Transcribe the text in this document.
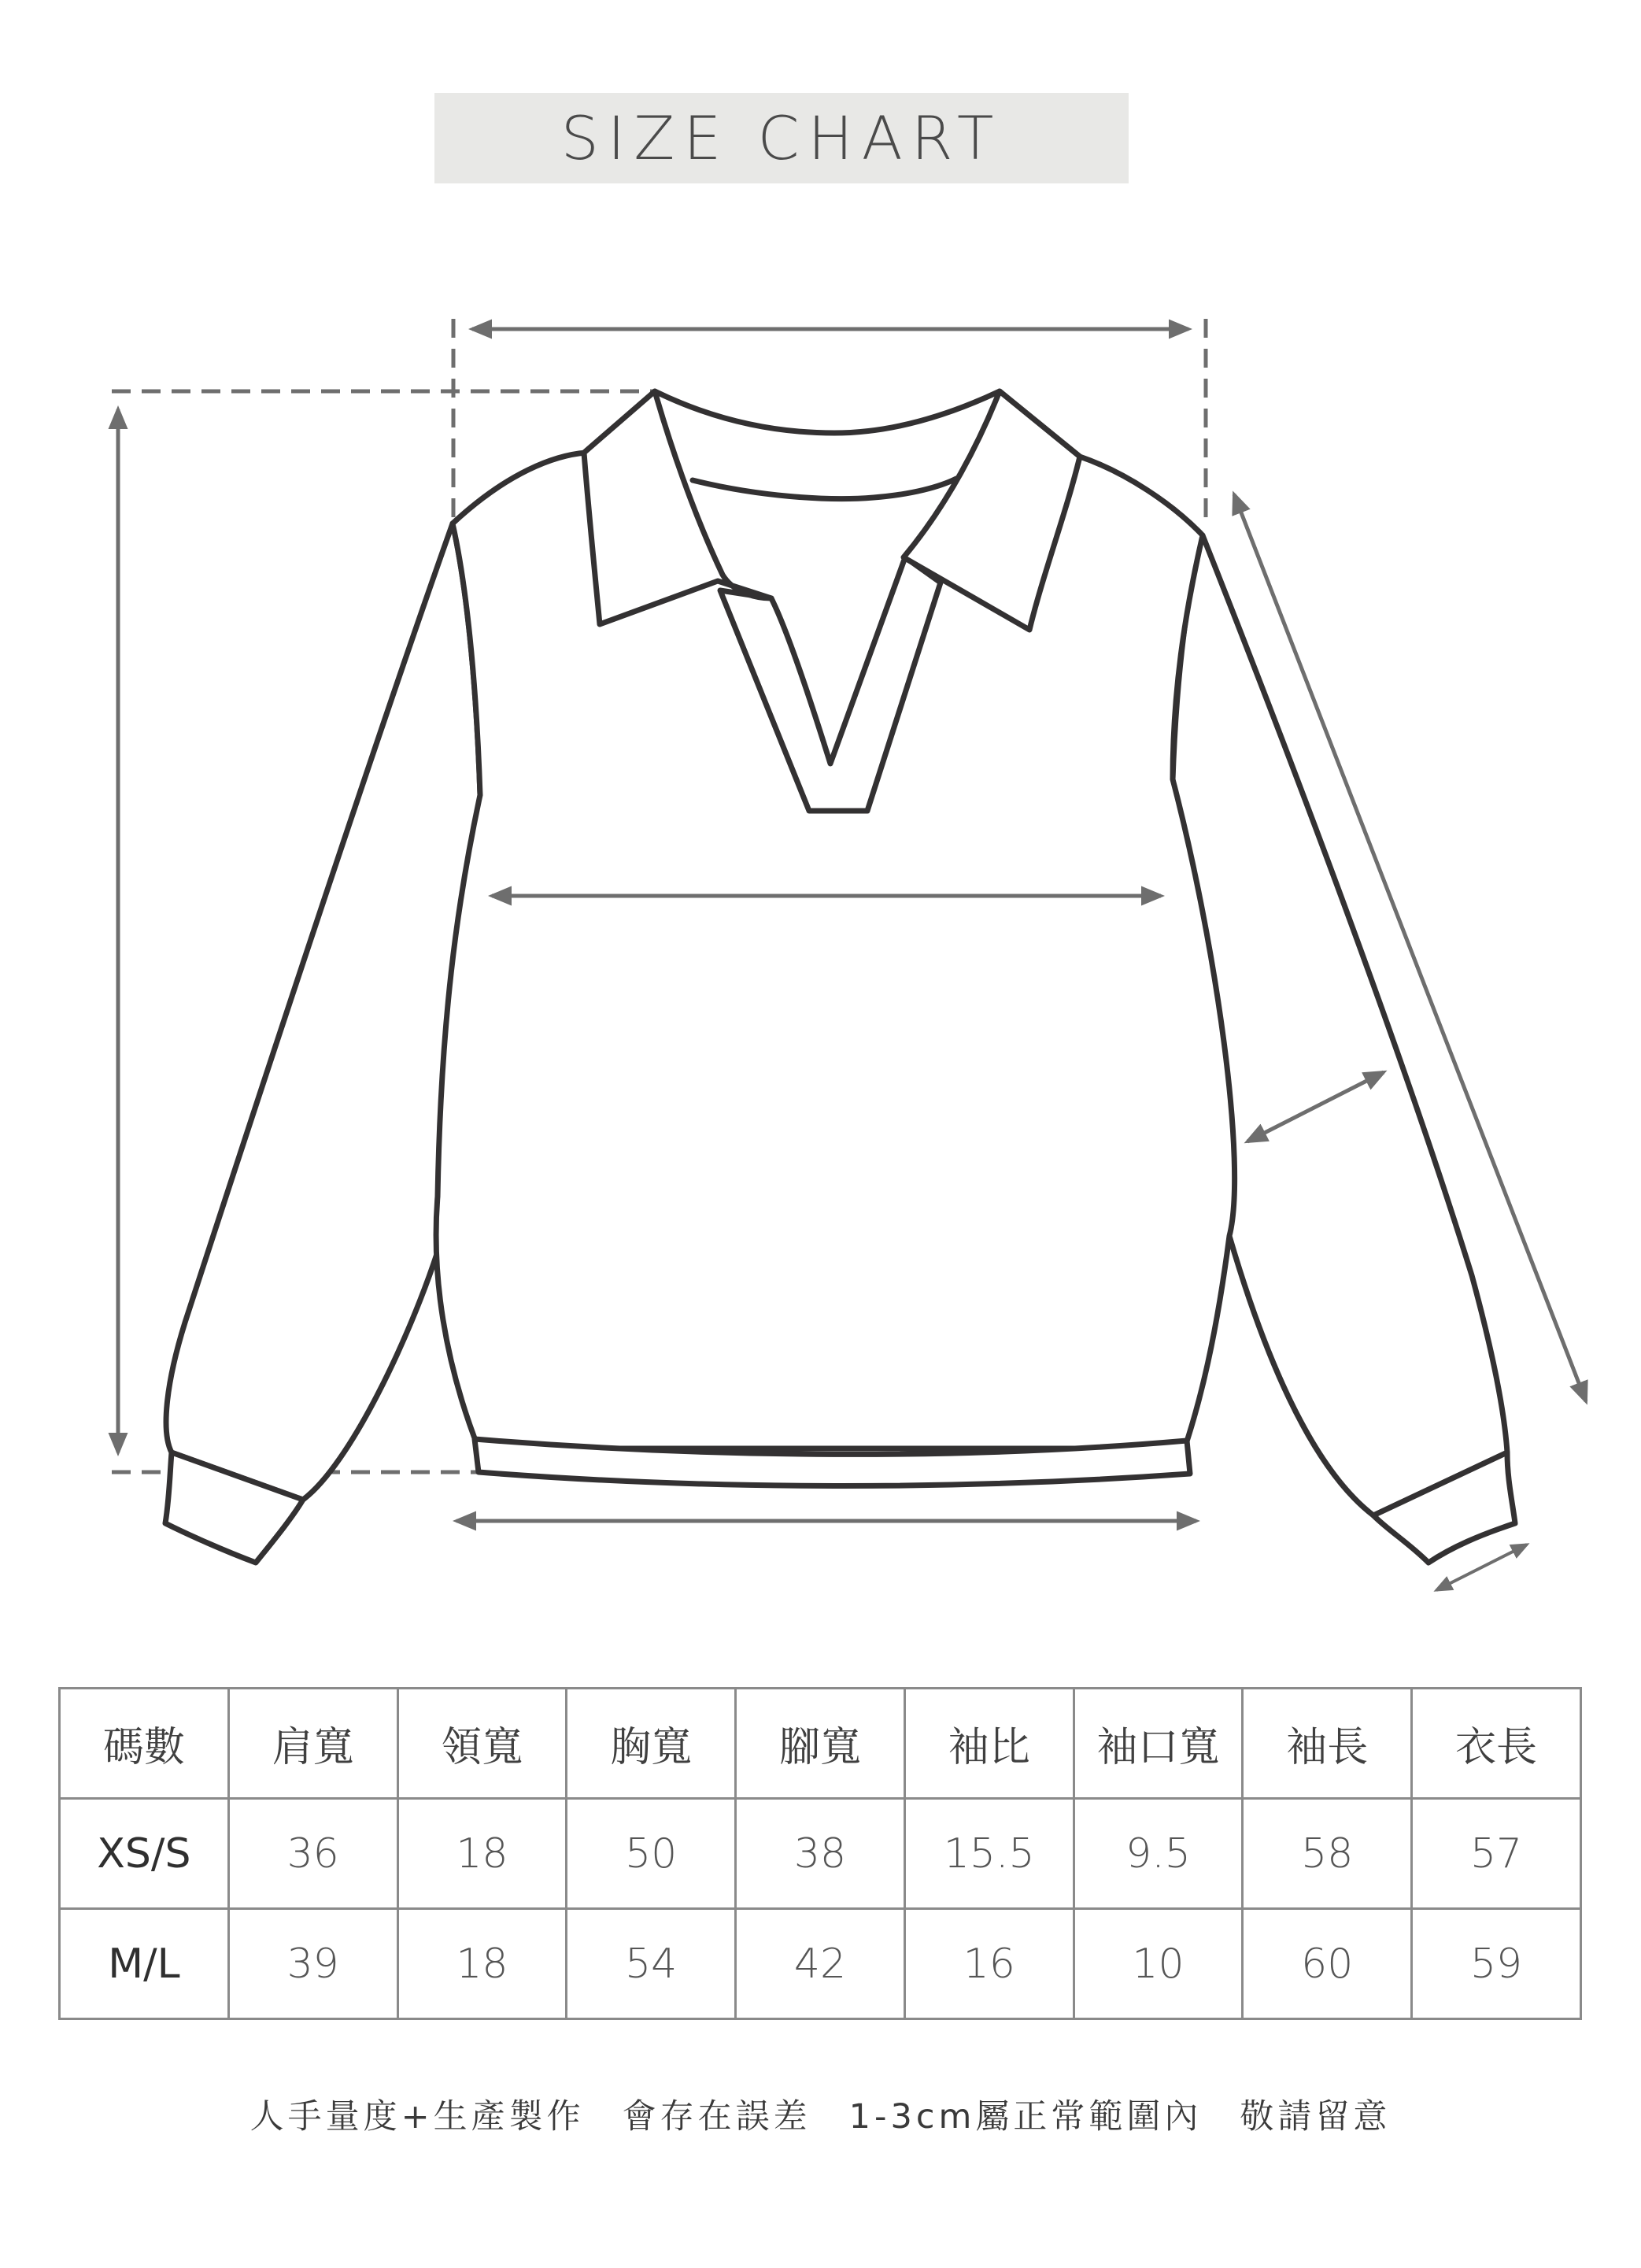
SIZE CHART
碼數	肩寬	領寬	胸寬	腳寬	袖比	袖口寬	袖長	衣長
XS/S	36	18	50	38	15.5	9.5	58	57
M/L	39	18	54	42	16	10	60	59
人手量度+生產製作　會存在誤差　1-3cm屬正常範圍內　敬請留意
